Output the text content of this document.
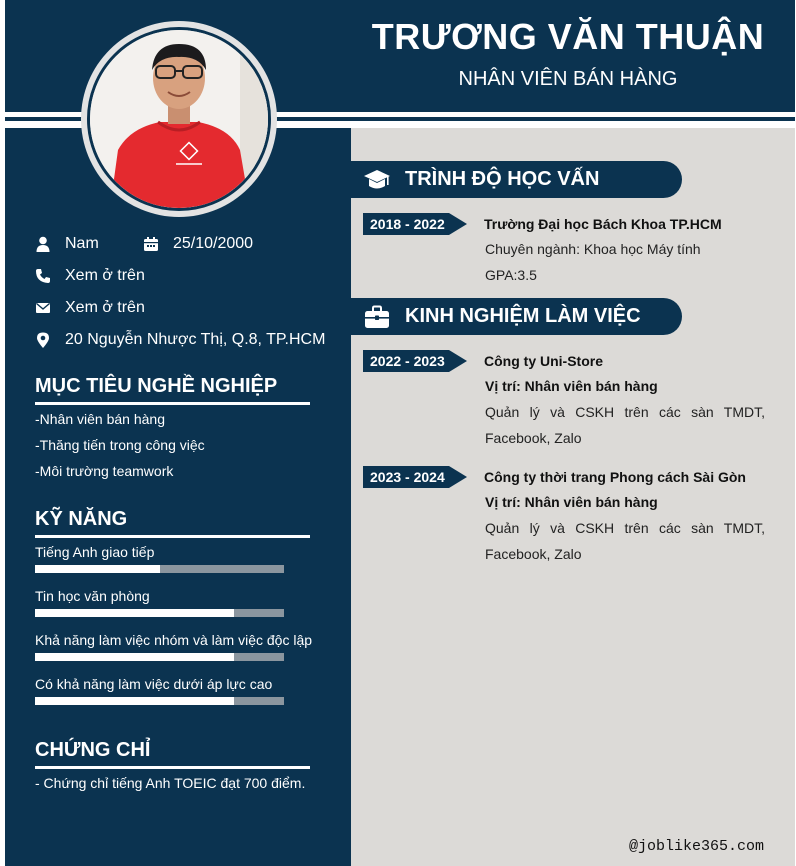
TRƯƠNG VĂN THUẬN
NHÂN VIÊN BÁN HÀNG
Nam	25/10/2000
Xem ở trên
Xem ở trên
20 Nguyễn Nhược Thị, Q.8, TP.HCM
MỤC TIÊU NGHỀ NGHIỆP
-Nhân viên bán hàng
-Thăng tiến trong công việc
-Môi trường teamwork
KỸ NĂNG
Tiếng Anh giao tiếp
Tin học văn phòng
Khả năng làm việc nhóm và làm việc độc lập
Có khả năng làm việc dưới áp lực cao
CHỨNG CHỈ
- Chứng chỉ tiếng Anh TOEIC đạt 700 điểm.
TRÌNH ĐỘ HỌC VẤN
2018 - 2022	Trường Đại học Bách Khoa TP.HCM
Chuyên ngành: Khoa học Máy tính
GPA:3.5
KINH NGHIỆM LÀM VIỆC
2022 - 2023	Công ty Uni-Store
Vị trí: Nhân viên bán hàng
Quản lý và CSKH trên các sàn TMDT, Facebook, Zalo
2023 - 2024	Công ty thời trang Phong cách Sài Gòn
Vị trí: Nhân viên bán hàng
Quản lý và CSKH trên các sàn TMDT, Facebook, Zalo
@joblike365.com
